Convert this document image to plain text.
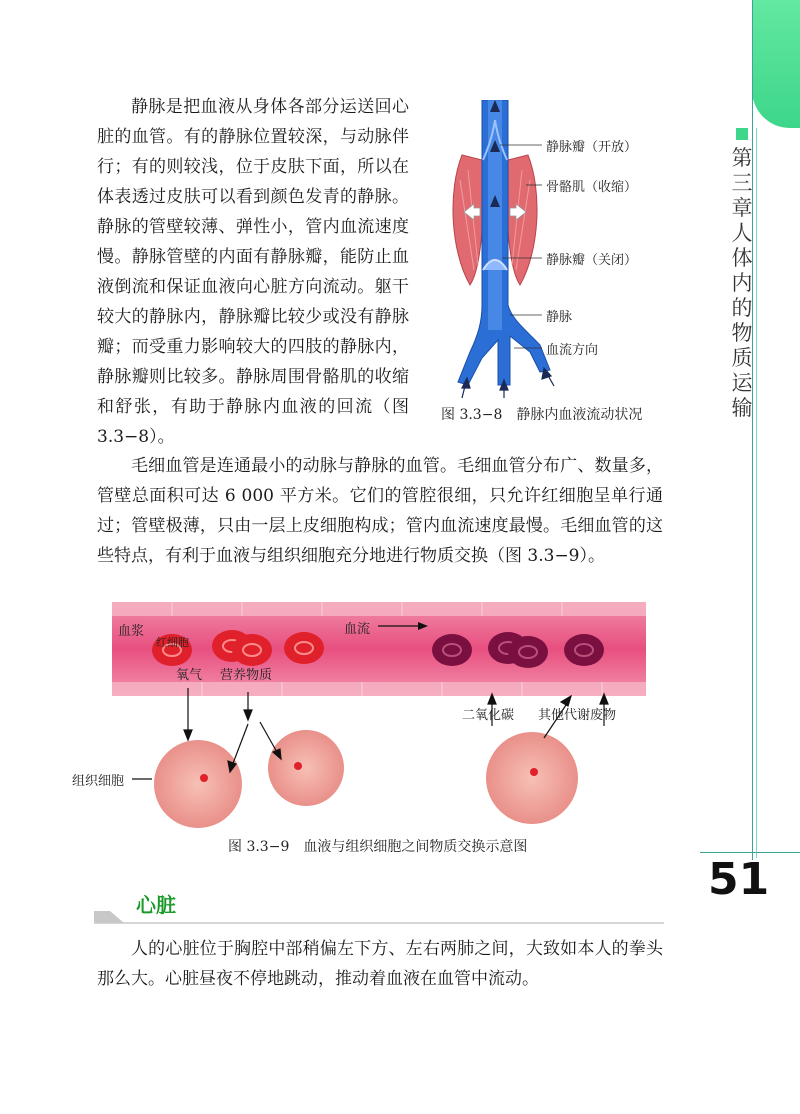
第三章 人体内的物质运输
51

静脉是把血液从身体各部分运送回心脏的血管。有的静脉位置较深，与动脉伴行；有的则较浅，位于皮肤下面，所以在体表透过皮肤可以看到颜色发青的静脉。静脉的管壁较薄、弹性小，管内血流速度慢。静脉管壁的内面有静脉瓣，能防止血液倒流和保证血液向心脏方向流动。躯干较大的静脉内，静脉瓣比较少或没有静脉瓣；而受重力影响较大的四肢的静脉内，静脉瓣则比较多。静脉周围骨骼肌的收缩和舒张，有助于静脉内血液的回流（图 3.3−8）。

静脉瓣（开放）
骨骼肌（收缩）
静脉瓣（关闭）
静脉
血流方向
图 3.3−8　静脉内血液流动状况

毛细血管是连通最小的动脉与静脉的血管。毛细血管分布广、数量多，管壁总面积可达 6 000 平方米。它们的管腔很细，只允许红细胞呈单行通过；管壁极薄，只由一层上皮细胞构成；管内血流速度最慢。毛细血管的这些特点，有利于血液与组织细胞充分地进行物质交换（图 3.3−9）。

血浆
红细胞
血流
氧气 营养物质
二氧化碳 其他代谢废物
组织细胞
图 3.3−9　血液与组织细胞之间物质交换示意图
心脏

人的心脏位于胸腔中部稍偏左下方、左右两肺之间，大致如本人的拳头那么大。心脏昼夜不停地跳动，推动着血液在血管中流动。
